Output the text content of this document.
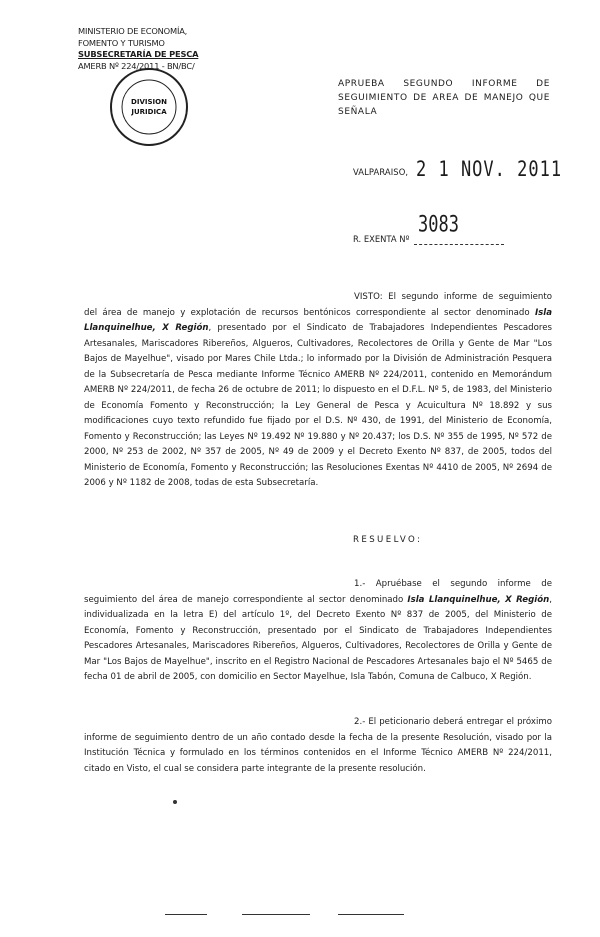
MINISTERIO DE ECONOMÍA,
FOMENTO Y TURISMO
SUBSECRETARÍA DE PESCA
AMERB Nº 224/2011 - BN/BC/
DIVISION
JURIDICA
APRUEBA SEGUNDO INFORME DE SEGUIMIENTO DE AREA DE MANEJO QUE SEÑALA
VALPARAISO, 2 1 NOV. 2011
R. EXENTA Nº
3083
VISTO: El segundo informe de seguimiento del área de manejo y explotación de recursos bentónicos correspondiente al sector denominado Isla Llanquinelhue, X Región, presentado por el Sindicato de Trabajadores Independientes Pescadores Artesanales, Mariscadores Ribereños, Algueros, Cultivadores, Recolectores de Orilla y Gente de Mar "Los Bajos de Mayelhue", visado por Mares Chile Ltda.; lo informado por la División de Administración Pesquera de la Subsecretaría de Pesca mediante Informe Técnico AMERB Nº 224/2011, contenido en Memorándum AMERB Nº 224/2011, de fecha 26 de octubre de 2011; lo dispuesto en el D.F.L. Nº 5, de 1983, del Ministerio de Economía Fomento y Reconstrucción; la Ley General de Pesca y Acuicultura Nº 18.892 y sus modificaciones cuyo texto refundido fue fijado por el D.S. Nº 430, de 1991, del Ministerio de Economía, Fomento y Reconstrucción; las Leyes Nº 19.492 Nº 19.880 y Nº 20.437; los D.S. Nº 355 de 1995, Nº 572 de 2000, Nº 253 de 2002, Nº 357 de 2005, Nº 49 de 2009 y el Decreto Exento Nº 837, de 2005, todos del Ministerio de Economía, Fomento y Reconstrucción; las Resoluciones Exentas Nº 4410 de 2005, Nº 2694 de 2006 y Nº 1182 de 2008, todas de esta Subsecretaría.
RESUELVO:
1.- Apruébase el segundo informe de seguimiento del área de manejo correspondiente al sector denominado Isla Llanquinelhue, X Región, individualizada en la letra E) del artículo 1º, del Decreto Exento Nº 837 de 2005, del Ministerio de Economía, Fomento y Reconstrucción, presentado por el Sindicato de Trabajadores Independientes Pescadores Artesanales, Mariscadores Ribereños, Algueros, Cultivadores, Recolectores de Orilla y Gente de Mar "Los Bajos de Mayelhue", inscrito en el Registro Nacional de Pescadores Artesanales bajo el Nº 5465 de fecha 01 de abril de 2005, con domicilio en Sector Mayelhue, Isla Tabón, Comuna de Calbuco, X Región.
2.- El peticionario deberá entregar el próximo informe de seguimiento dentro de un año contado desde la fecha de la presente Resolución, visado por la Institución Técnica y formulado en los términos contenidos en el Informe Técnico AMERB Nº 224/2011, citado en Visto, el cual se considera parte integrante de la presente resolución.
